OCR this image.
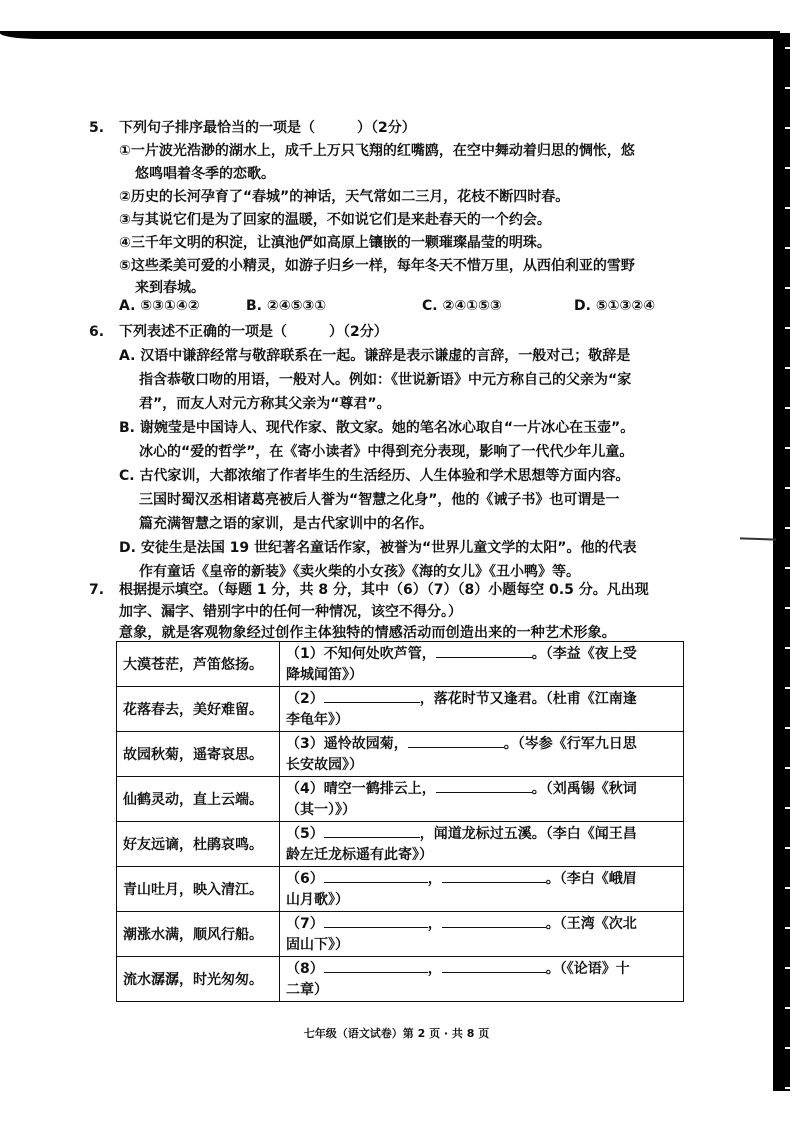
5. 下列句子排序最恰当的一项是（　　　）（2分）
①一片波光浩渺的湖水上，成千上万只飞翔的红嘴鸥，在空中舞动着归思的惆怅，悠
悠鸣唱着冬季的恋歌。
②历史的长河孕育了“春城”的神话，天气常如二三月，花枝不断四时春。
③与其说它们是为了回家的温暖，不如说它们是来赴春天的一个约会。
④三千年文明的积淀，让滇池俨如高原上镶嵌的一颗璀璨晶莹的明珠。
⑤这些柔美可爱的小精灵，如游子归乡一样，每年冬天不惜万里，从西伯利亚的雪野
来到春城。
A. ⑤③①④②	B. ②④⑤③①	C. ②④①⑤③	D. ⑤①③②④
6. 下列表述不正确的一项是（　　　）（2分）
A. 汉语中谦辞经常与敬辞联系在一起。谦辞是表示谦虚的言辞，一般对己；敬辞是
指含恭敬口吻的用语，一般对人。例如：《世说新语》中元方称自己的父亲为“家
君”，而友人对元方称其父亲为“尊君”。
B. 谢婉莹是中国诗人、现代作家、散文家。她的笔名冰心取自“一片冰心在玉壶”。
冰心的“爱的哲学”，在《寄小读者》中得到充分表现，影响了一代代少年儿童。
C. 古代家训，大都浓缩了作者毕生的生活经历、人生体验和学术思想等方面内容。
三国时蜀汉丞相诸葛亮被后人誉为“智慧之化身”，他的《诫子书》也可谓是一
篇充满智慧之语的家训，是古代家训中的名作。
D. 安徒生是法国 19 世纪著名童话作家，被誉为“世界儿童文学的太阳”。他的代表
作有童话《皇帝的新装》《卖火柴的小女孩》《海的女儿》《丑小鸭》等。
7. 根据提示填空。（每题 1 分，共 8 分，其中（6）（7）（8）小题每空 0.5 分。凡出现
加字、漏字、错别字中的任何一种情况，该空不得分。）
意象，就是客观物象经过创作主体独特的情感活动而创造出来的一种艺术形象。
大漠苍茫，芦笛悠扬。	（1）不知何处吹芦管， 。（李益《夜上受
降城闻笛》）
花落春去，美好难留。	（2） ，落花时节又逢君。（杜甫《江南逢
李龟年》）
故园秋菊，遥寄哀思。	（3）遥怜故园菊， 。（岑参《行军九日思
长安故园》）
仙鹤灵动，直上云端。	（4）晴空一鹤排云上， 。（刘禹锡《秋词
（其一）》）
好友远谪，杜鹃哀鸣。	（5） ，闻道龙标过五溪。（李白《闻王昌
龄左迁龙标遥有此寄》）
青山吐月，映入清江。	（6） ， 。（李白《峨眉
山月歌》）
潮涨水满，顺风行船。	（7） ， 。（王湾《次北
固山下》）
流水潺潺，时光匆匆。	（8） ， 。（《论语》十
二章）
七年级（语文试卷）第 2 页 · 共 8 页
